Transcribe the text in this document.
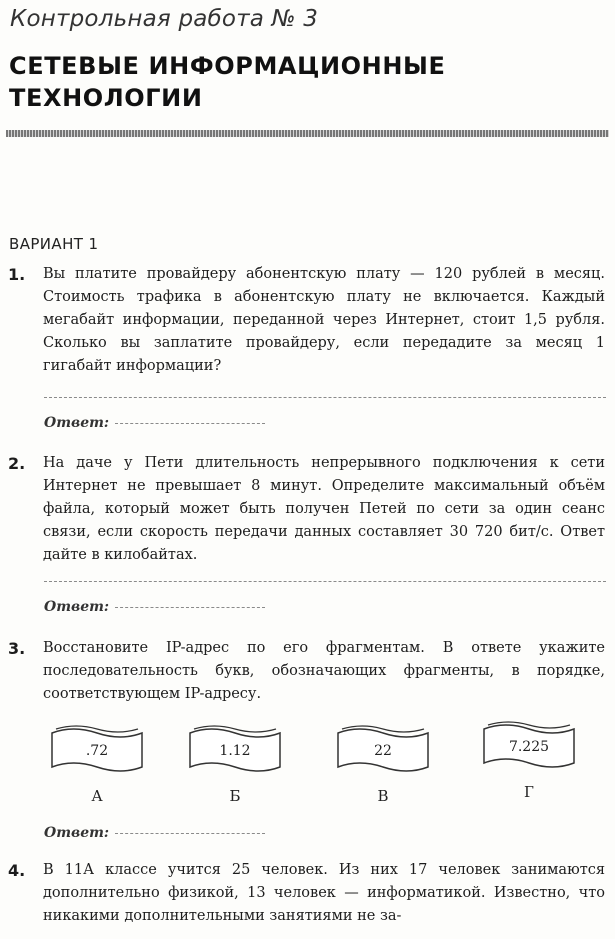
Контрольная работа № 3
СЕТЕВЫЕ ИНФОРМАЦИОННЫЕ ТЕХНОЛОГИИ
ВАРИАНТ 1
1. Вы платите провайдеру абонентскую плату — 120 рублей в месяц. Стоимость трафика в абонентскую плату не включается. Каждый мегабайт информации, переданной через Интернет, стоит 1,5 рубля. Сколько вы заплатите провайдеру, если передадите за месяц 1 гигабайт информации?
Ответ:
2. На даче у Пети длительность непрерывного подключения к сети Интернет не превышает 8 минут. Определите максимальный объём файла, который может быть получен Петей по сети за один сеанс связи, если скорость передачи данных составляет 30 720 бит/с. Ответ дайте в килобайтах.
Ответ:
3. Восстановите IP-адрес по его фрагментам. В ответе укажите последовательность букв, обозначающих фрагменты, в порядке, соответствующем IP-адресу.
.72
А
1.12
Б
22
В
7.225
Г
Ответ:
4. В 11А классе учится 25 человек. Из них 17 человек занимаются дополнительно физикой, 13 человек — информатикой. Известно, что никакими дополнительными занятиями не за-
